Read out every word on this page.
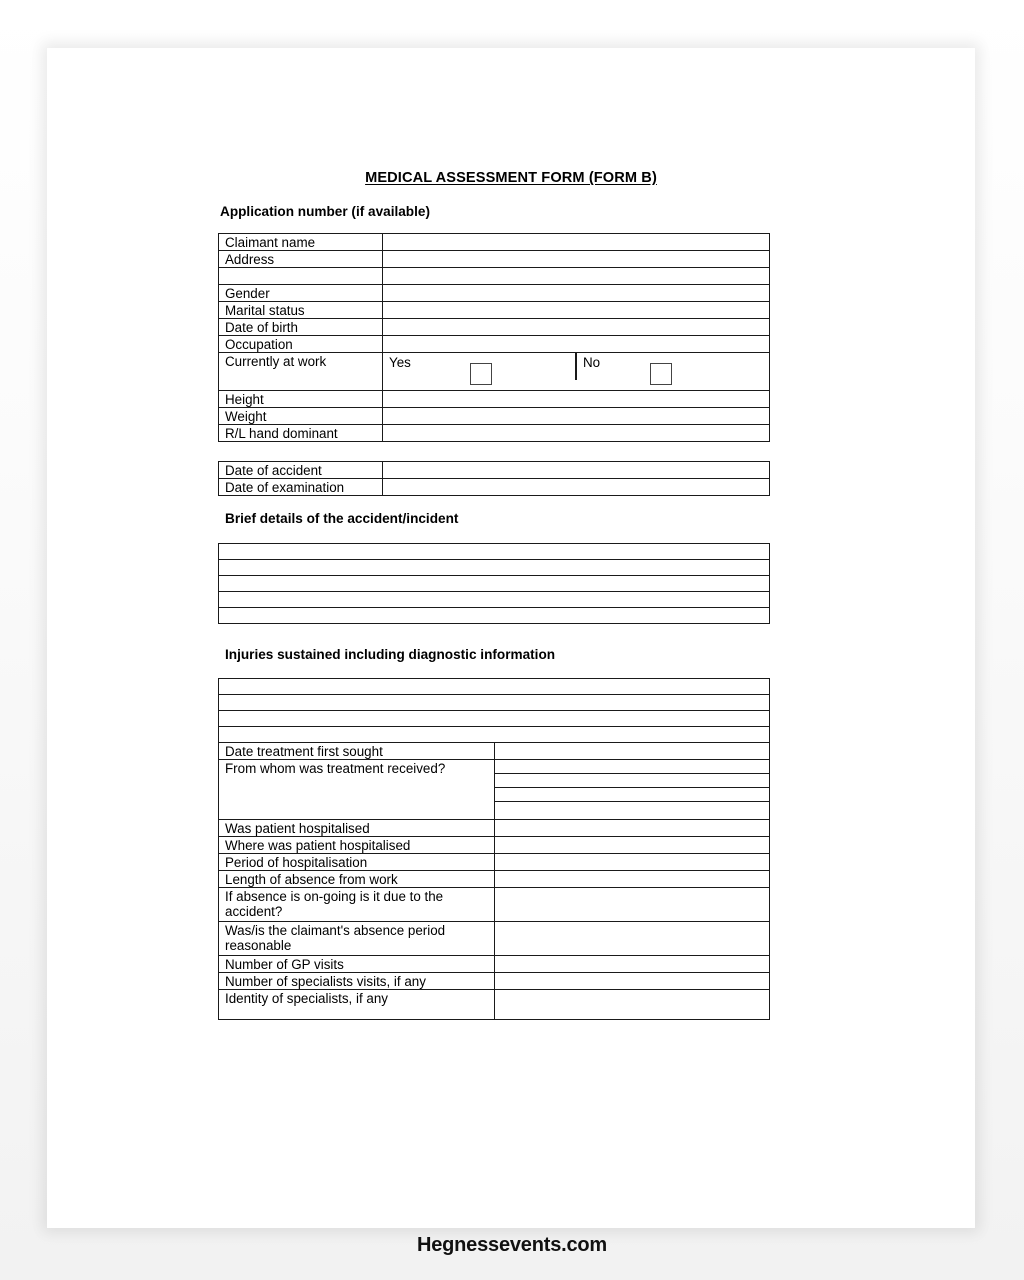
MEDICAL ASSESSMENT FORM (FORM B)
Application number (if available)
Claimant name	
Address	

Gender	
Marital status	
Date of birth	
Occupation	
Currently at work	Yes No

Height	
Weight	
R/L hand dominant	
Date of accident	
Date of examination	
Brief details of the accident/incident

Injuries sustained including diagnostic information

Date treatment first sought	
From whom was treatment received?	

Was patient hospitalised	
Where was patient hospitalised	
Period of hospitalisation	
Length of absence from work	
If absence is on-going is it due to the accident?	
Was/is the claimant's absence period reasonable	
Number of GP visits	
Number of specialists visits, if any	
Identity of specialists, if any	
Hegnessevents.com
